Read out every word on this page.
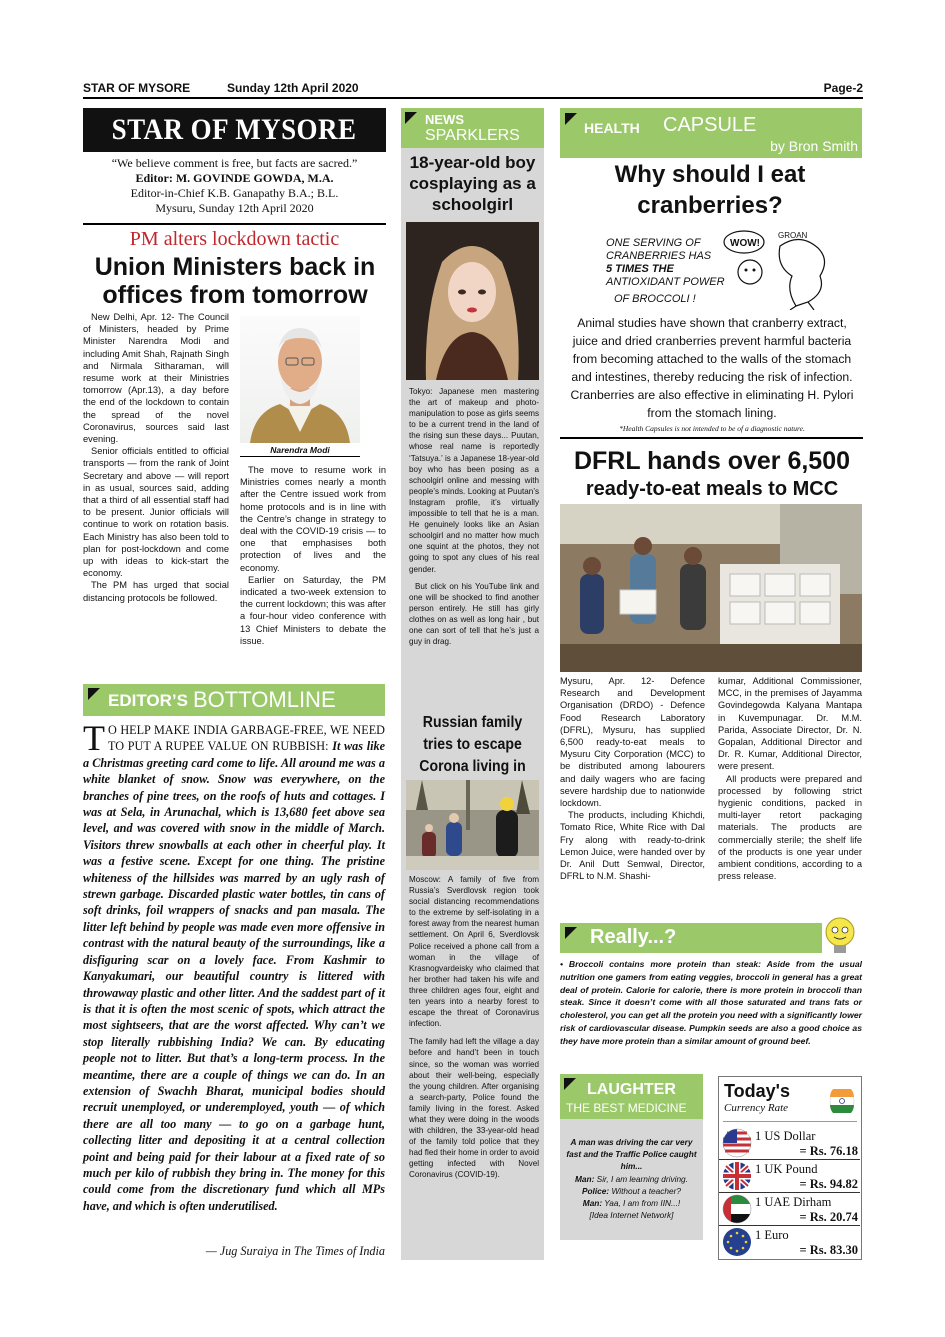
STAR OF MYSORE	Sunday 12th April 2020	Page-2
STAR OF MYSORE
“We believe comment is free, but facts are sacred.”
Editor: M. GOVINDE GOWDA, M.A.
Editor-in-Chief K.B. Ganapathy B.A.; B.L.
Mysuru, Sunday 12th April 2020
PM alters lockdown tactic
Union Ministers back in offices from tomorrow

New Delhi, Apr. 12- The Council of Ministers, headed by Prime Minister Narendra Modi and including Amit Shah, Rajnath Singh and Nirmala Sitharaman, will resume work at their Ministries tomorrow (Apr.13), a day before the end of the lockdown to contain the spread of the novel Coronavirus, sources said last evening.

Senior officials entitled to official transports — from the rank of Joint Secretary and above — will report in as usual, sources said, adding that a third of all essential staff had to be present. Junior officials will continue to work on rotation basis. Each Ministry has also been told to plan for post-lockdown and come up with ideas to kick-start the economy.

The PM has urged that social distancing protocols be followed.

Narendra Modi

The move to resume work in Ministries comes nearly a month after the Centre issued work from home protocols and is in line with the Centre’s change in strategy to deal with the COVID-19 crisis — to one that emphasises both protection of lives and the economy.

Earlier on Saturday, the PM indicated a two-week extension to the current lockdown; this was after a four-hour video conference with 13 Chief Ministers to debate the issue.

EDITOR’S BOTTOMLINE
T O HELP MAKE INDIA GARBAGE-FREE, WE NEED TO PUT A RUPEE VALUE ON RUBBISH: It was like a Christmas greeting card come to life. All around me was a white blanket of snow. Snow was everywhere, on the branches of pine trees, on the roofs of huts and cottages. I was at Sela, in Arunachal, which is 13,680 feet above sea level, and was covered with snow in the middle of March. Visitors threw snowballs at each other in cheerful play. It was a festive scene. Except for one thing. The pristine whiteness of the hillsides was marred by an ugly rash of strewn garbage. Discarded plastic water bottles, tin cans of soft drinks, foil wrappers of snacks and pan masala. The litter left behind by people was made even more offensive in contrast with the natural beauty of the surroundings, like a disfiguring scar on a lovely face. From Kashmir to Kanyakumari, our beautiful country is littered with throwaway plastic and other litter. And the saddest part of it is that it is often the most scenic of spots, which attract the most sightseers, that are the worst affected. Why can’t we stop literally rubbishing India? We can. By educating people not to litter. But that’s a long-term process. In the meantime, there are a couple of things we can do. In an extension of Swachh Bharat, municipal bodies should recruit unemployed, or underemployed, youth — of which there are all too many — to go on a garbage hunt, collecting litter and depositing it at a central collection point and being paid for their labour at a fixed rate of so much per kilo of rubbish they bring in. The money for this could come from the discretionary fund which all MPs have, and which is often underutilised.
— Jug Suraiya in The Times of India
NEWS
SPARKLERS
18-year-old boy cosplaying as a schoolgirl

Tokyo: Japanese men mastering the art of makeup and photo-manipulation to pose as girls seems to be a current trend in the land of the rising sun these days... Puutan, whose real name is reportedly ‘Tatsuya.’ is a Japanese 18-year-old boy who has been posing as a schoolgirl online and messing with people’s minds. Looking at Puutan’s Instagram profile, it’s virtually impossible to tell that he is a man. He genuinely looks like an Asian schoolgirl and no matter how much one squint at the photos, they not going to spot any clues of his real gender.

But click on his YouTube link and one will be shocked to find another person entirely. He still has girly clothes on as well as long hair , but one can sort of tell that he’s just a guy in drag.

Russian family tries to escape Corona living in

Moscow: A family of five from Russia’s Sverdlovsk region took social distancing recommendations to the extreme by self-isolating in a forest away from the nearest human settlement. On April 6, Sverdlovsk Police received a phone call from a woman in the village of Krasnogvardeisky who claimed that her brother had taken his wife and three children ages four, eight and ten years into a nearby forest to escape the threat of Coronavirus infection.

The family had left the village a day before and hand’t been in touch since, so the woman was worried about their well-being, especially the young children. After organising a search-party, Police found the family living in the forest. Asked what they were doing in the woods with children, the 33-year-old head of the family told police that they had fled their home in order to avoid getting infected with Novel Coronavirus (COVID-19).

HEALTH CAPSULE
by Bron Smith
Why should I eat cranberries?
ONE SERVING OF
CRANBERRIES HAS
5 TIMES THE
ANTIOXIDANT POWER
OF BROCCOLI !
WOW!
GROAN
Animal studies have shown that cranberry extract, juice and dried cranberries prevent harmful bacteria from becoming attached to the walls of the stomach and intestines, thereby reducing the risk of infection. Cranberries are also effective in eliminating H. Pylori from the stomach lining.
*Health Capsules is not intended to be of a diagnostic nature.
DFRL hands over 6,500
ready-to-eat meals to MCC

Mysuru, Apr. 12- Defence Research and Development Organisation (DRDO) - Defence Food Research Laboratory (DFRL), Mysuru, has supplied 6,500 ready-to-eat meals to Mysuru City Corporation (MCC) to be distributed among labourers and daily wagers who are facing severe hardship due to nationwide lockdown.

The products, including Khichdi, Tomato Rice, White Rice with Dal Fry along with ready-to-drink Lemon Juice, were handed over by Dr. Anil Dutt Semwal, Director, DFRL to N.M. Shashi-

kumar, Additional Commissioner, MCC, in the premises of Jayamma Govindegowda Kalyana Mantapa in Kuvempunagar. Dr. M.M. Parida, Associate Director, Dr. N. Gopalan, Additional Director and Dr. R. Kumar, Additional Director, were present.

All products were prepared and processed by following strict hygienic conditions, packed in multi-layer retort packaging materials. The products are commercially sterile; the shelf life of the products is one year under ambient conditions, according to a press release.

Really...?
• Broccoli contains more protein than steak: Aside from the usual nutrition one gamers from eating veggies, broccoli in general has a great deal of protein. Calorie for calorie, there is more protein in broccoli than steak. Since it doesn’t come with all those saturated and trans fats or cholesterol, you can get all the protein you need with a significantly lower risk of cardiovascular disease. Pumpkin seeds are also a good choice as they have more protein than a similar amount of ground beef.
LAUGHTER
THE BEST MEDICINE
A man was driving the car very fast and the Traffic Police caught him...
Man: Sir, I am learning driving.
Police: Without a teacher?
Man: Yaa, I am from IIN...!
[Idea Internet Network]
Today's
Currency Rate
1 US Dollar
= Rs. 76.18
1 UK Pound
= Rs. 94.82
1 UAE Dirham
= Rs. 20.74
1 Euro
= Rs. 83.30
